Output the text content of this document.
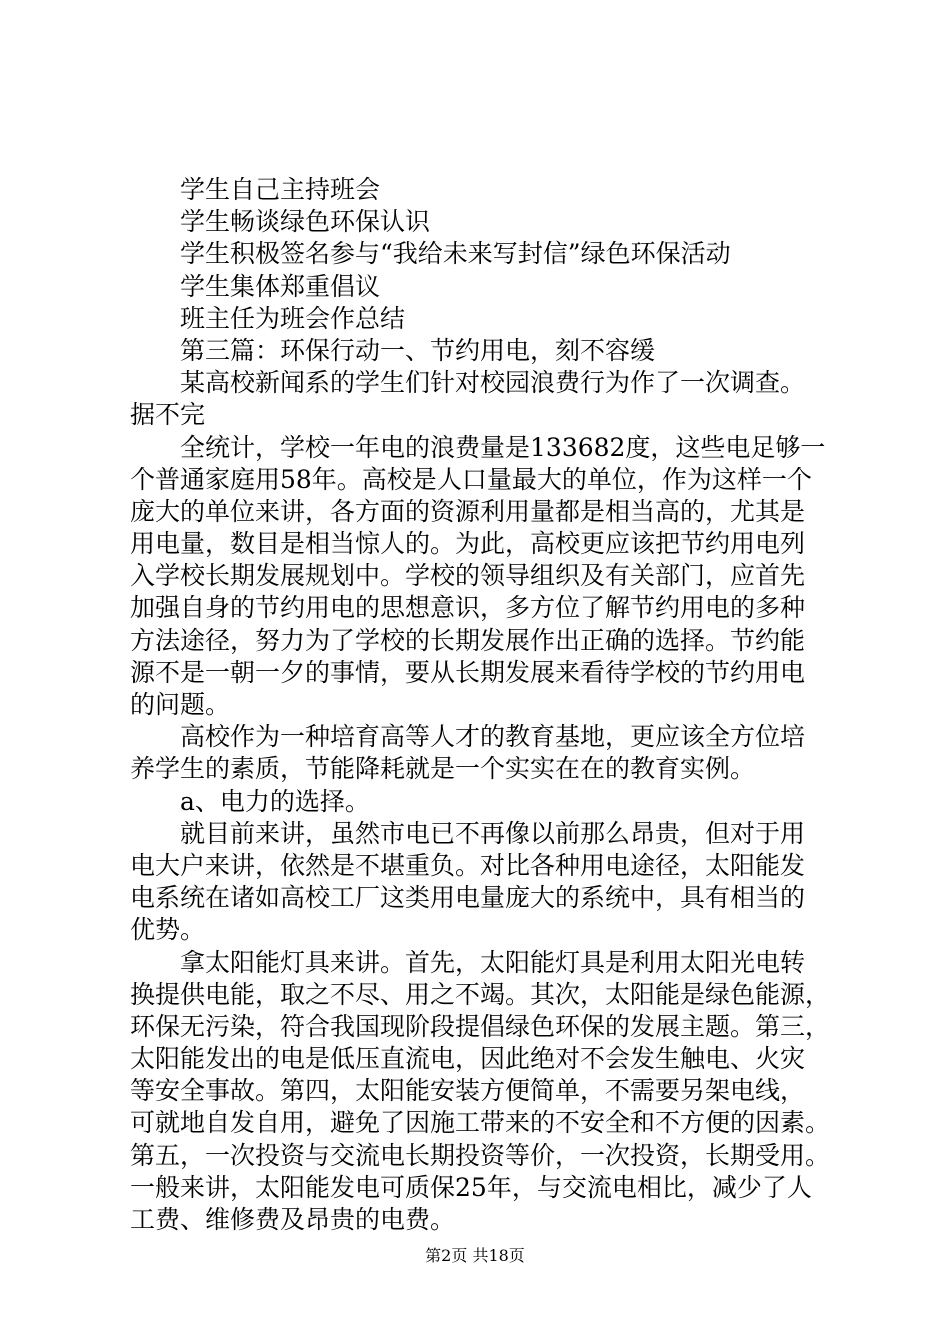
学生自己主持班会
学生畅谈绿色环保认识
学生积极签名参与“我给未来写封信”绿色环保活动
学生集体郑重倡议
班主任为班会作总结
第三篇：环保行动一、节约用电，刻不容缓
某高校新闻系的学生们针对校园浪费行为作了一次调查。
据不完
全统计，学校一年电的浪费量是133682度，这些电足够一
个普通家庭用58年。高校是人口量最大的单位，作为这样一个
庞大的单位来讲，各方面的资源利用量都是相当高的，尤其是
用电量，数目是相当惊人的。为此，高校更应该把节约用电列
入学校长期发展规划中。学校的领导组织及有关部门，应首先
加强自身的节约用电的思想意识，多方位了解节约用电的多种
方法途径，努力为了学校的长期发展作出正确的选择。节约能
源不是一朝一夕的事情，要从长期发展来看待学校的节约用电
的问题。
高校作为一种培育高等人才的教育基地，更应该全方位培
养学生的素质，节能降耗就是一个实实在在的教育实例。
a、电力的选择。
就目前来讲，虽然市电已不再像以前那么昂贵，但对于用
电大户来讲，依然是不堪重负。对比各种用电途径，太阳能发
电系统在诸如高校工厂这类用电量庞大的系统中，具有相当的
优势。
拿太阳能灯具来讲。首先，太阳能灯具是利用太阳光电转
换提供电能，取之不尽、用之不竭。其次，太阳能是绿色能源，
环保无污染，符合我国现阶段提倡绿色环保的发展主题。第三，
太阳能发出的电是低压直流电，因此绝对不会发生触电、火灾
等安全事故。第四，太阳能安装方便简单，不需要另架电线，
可就地自发自用，避免了因施工带来的不安全和不方便的因素。
第五，一次投资与交流电长期投资等价，一次投资，长期受用。
一般来讲，太阳能发电可质保25年，与交流电相比，减少了人
工费、维修费及昂贵的电费。
第2页 共18页
